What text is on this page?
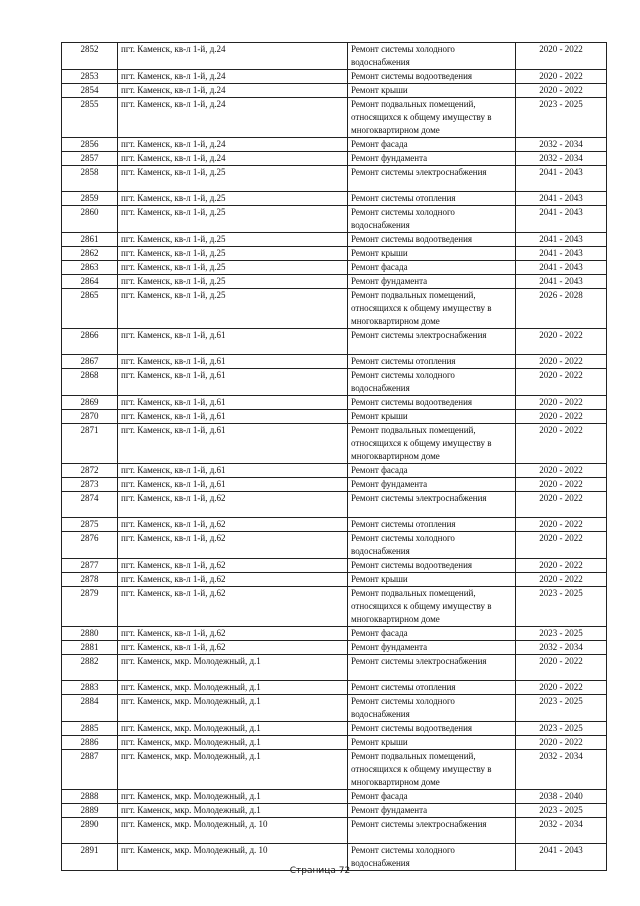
2852	пгт. Каменск, кв-л 1-й, д.24	Ремонт системы холодного водоснабжения	2020 - 2022
2853	пгт. Каменск, кв-л 1-й, д.24	Ремонт системы водоотведения	2020 - 2022
2854	пгт. Каменск, кв-л 1-й, д.24	Ремонт крыши	2020 - 2022
2855	пгт. Каменск, кв-л 1-й, д.24	Ремонт подвальных помещений, относящихся к общему имуществу в многоквартирном доме	2023 - 2025
2856	пгт. Каменск, кв-л 1-й, д.24	Ремонт фасада	2032 - 2034
2857	пгт. Каменск, кв-л 1-й, д.24	Ремонт фундамента	2032 - 2034
2858	пгт. Каменск, кв-л 1-й, д.25	Ремонт системы электроснабжения	2041 - 2043
2859	пгт. Каменск, кв-л 1-й, д.25	Ремонт системы отопления	2041 - 2043
2860	пгт. Каменск, кв-л 1-й, д.25	Ремонт системы холодного водоснабжения	2041 - 2043
2861	пгт. Каменск, кв-л 1-й, д.25	Ремонт системы водоотведения	2041 - 2043
2862	пгт. Каменск, кв-л 1-й, д.25	Ремонт крыши	2041 - 2043
2863	пгт. Каменск, кв-л 1-й, д.25	Ремонт фасада	2041 - 2043
2864	пгт. Каменск, кв-л 1-й, д.25	Ремонт фундамента	2041 - 2043
2865	пгт. Каменск, кв-л 1-й, д.25	Ремонт подвальных помещений, относящихся к общему имуществу в многоквартирном доме	2026 - 2028
2866	пгт. Каменск, кв-л 1-й, д.61	Ремонт системы электроснабжения	2020 - 2022
2867	пгт. Каменск, кв-л 1-й, д.61	Ремонт системы отопления	2020 - 2022
2868	пгт. Каменск, кв-л 1-й, д.61	Ремонт системы холодного водоснабжения	2020 - 2022
2869	пгт. Каменск, кв-л 1-й, д.61	Ремонт системы водоотведения	2020 - 2022
2870	пгт. Каменск, кв-л 1-й, д.61	Ремонт крыши	2020 - 2022
2871	пгт. Каменск, кв-л 1-й, д.61	Ремонт подвальных помещений, относящихся к общему имуществу в многоквартирном доме	2020 - 2022
2872	пгт. Каменск, кв-л 1-й, д.61	Ремонт фасада	2020 - 2022
2873	пгт. Каменск, кв-л 1-й, д.61	Ремонт фундамента	2020 - 2022
2874	пгт. Каменск, кв-л 1-й, д.62	Ремонт системы электроснабжения	2020 - 2022
2875	пгт. Каменск, кв-л 1-й, д.62	Ремонт системы отопления	2020 - 2022
2876	пгт. Каменск, кв-л 1-й, д.62	Ремонт системы холодного водоснабжения	2020 - 2022
2877	пгт. Каменск, кв-л 1-й, д.62	Ремонт системы водоотведения	2020 - 2022
2878	пгт. Каменск, кв-л 1-й, д.62	Ремонт крыши	2020 - 2022
2879	пгт. Каменск, кв-л 1-й, д.62	Ремонт подвальных помещений, относящихся к общему имуществу в многоквартирном доме	2023 - 2025
2880	пгт. Каменск, кв-л 1-й, д.62	Ремонт фасада	2023 - 2025
2881	пгт. Каменск, кв-л 1-й, д.62	Ремонт фундамента	2032 - 2034
2882	пгт. Каменск, мкр. Молодежный, д.1	Ремонт системы электроснабжения	2020 - 2022
2883	пгт. Каменск, мкр. Молодежный, д.1	Ремонт системы отопления	2020 - 2022
2884	пгт. Каменск, мкр. Молодежный, д.1	Ремонт системы холодного водоснабжения	2023 - 2025
2885	пгт. Каменск, мкр. Молодежный, д.1	Ремонт системы водоотведения	2023 - 2025
2886	пгт. Каменск, мкр. Молодежный, д.1	Ремонт крыши	2020 - 2022
2887	пгт. Каменск, мкр. Молодежный, д.1	Ремонт подвальных помещений, относящихся к общему имуществу в многоквартирном доме	2032 - 2034
2888	пгт. Каменск, мкр. Молодежный, д.1	Ремонт фасада	2038 - 2040
2889	пгт. Каменск, мкр. Молодежный, д.1	Ремонт фундамента	2023 - 2025
2890	пгт. Каменск, мкр. Молодежный, д. 10	Ремонт системы электроснабжения	2032 - 2034
2891	пгт. Каменск, мкр. Молодежный, д. 10	Ремонт системы холодного водоснабжения	2041 - 2043
Страница 72
